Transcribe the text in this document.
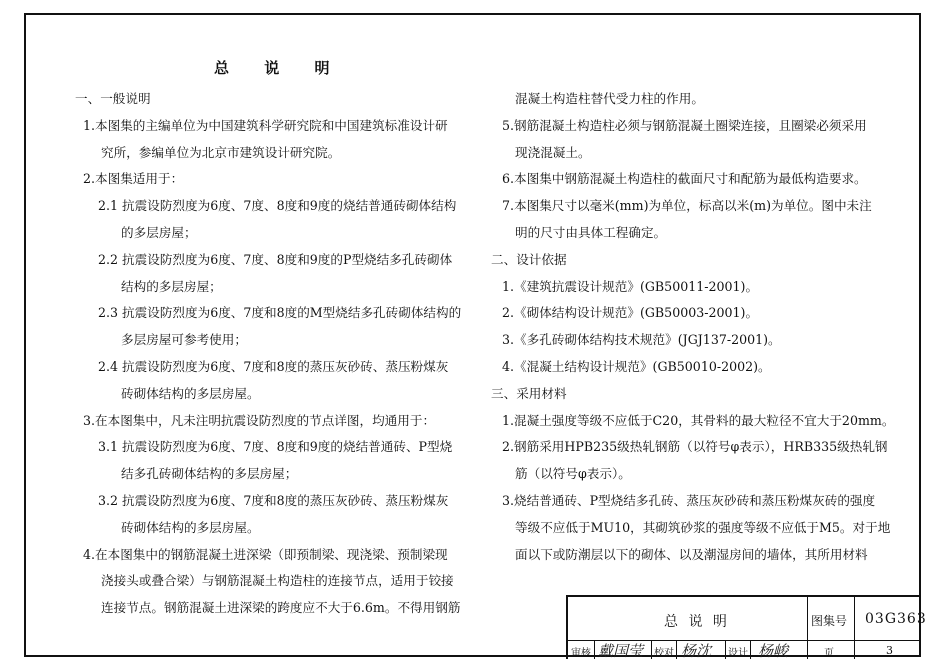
总 说 明
一、一般说明
1.本图集的主编单位为中国建筑科学研究院和中国建筑标准设计研
究所，参编单位为北京市建筑设计研究院。
2.本图集适用于：
2.1 抗震设防烈度为6度、7度、8度和9度的烧结普通砖砌体结构
的多层房屋；
2.2 抗震设防烈度为6度、7度、8度和9度的P型烧结多孔砖砌体
结构的多层房屋；
2.3 抗震设防烈度为6度、7度和8度的M型烧结多孔砖砌体结构的
多层房屋可参考使用；
2.4 抗震设防烈度为6度、7度和8度的蒸压灰砂砖、蒸压粉煤灰
砖砌体结构的多层房屋。
3.在本图集中，凡未注明抗震设防烈度的节点详图，均通用于：
3.1 抗震设防烈度为6度、7度、8度和9度的烧结普通砖、P型烧
结多孔砖砌体结构的多层房屋；
3.2 抗震设防烈度为6度、7度和8度的蒸压灰砂砖、蒸压粉煤灰
砖砌体结构的多层房屋。
4.在本图集中的钢筋混凝土进深梁（即预制梁、现浇梁、预制梁现
浇接头或叠合梁）与钢筋混凝土构造柱的连接节点，适用于铰接
连接节点。钢筋混凝土进深梁的跨度应不大于6.6m。不得用钢筋
混凝土构造柱替代受力柱的作用。
5.钢筋混凝土构造柱必须与钢筋混凝土圈梁连接，且圈梁必须采用
现浇混凝土。
6.本图集中钢筋混凝土构造柱的截面尺寸和配筋为最低构造要求。
7.本图集尺寸以毫米(mm)为单位，标高以米(m)为单位。图中未注
明的尺寸由具体工程确定。
二、设计依据
1.《建筑抗震设计规范》(GB50011-2001)。
2.《砌体结构设计规范》(GB50003-2001)。
3.《多孔砖砌体结构技术规范》(JGJ137-2001)。
4.《混凝土结构设计规范》(GB50010-2002)。
三、采用材料
1.混凝土强度等级不应低于C20，其骨料的最大粒径不宜大于20mm。
2.钢筋采用HPB235级热轧钢筋（以符号φ表示），HRB335级热轧钢
筋（以符号φ表示）。
3.烧结普通砖、P型烧结多孔砖、蒸压灰砂砖和蒸压粉煤灰砖的强度
等级不应低于MU10，其砌筑砂浆的强度等级不应低于M5。对于地
面以下或防潮层以下的砌体、以及潮湿房间的墙体，其所用材料
总 说 明	图集号 03G363
审核 戴国莹 校对 杨沈 设计 杨峻	页	3
